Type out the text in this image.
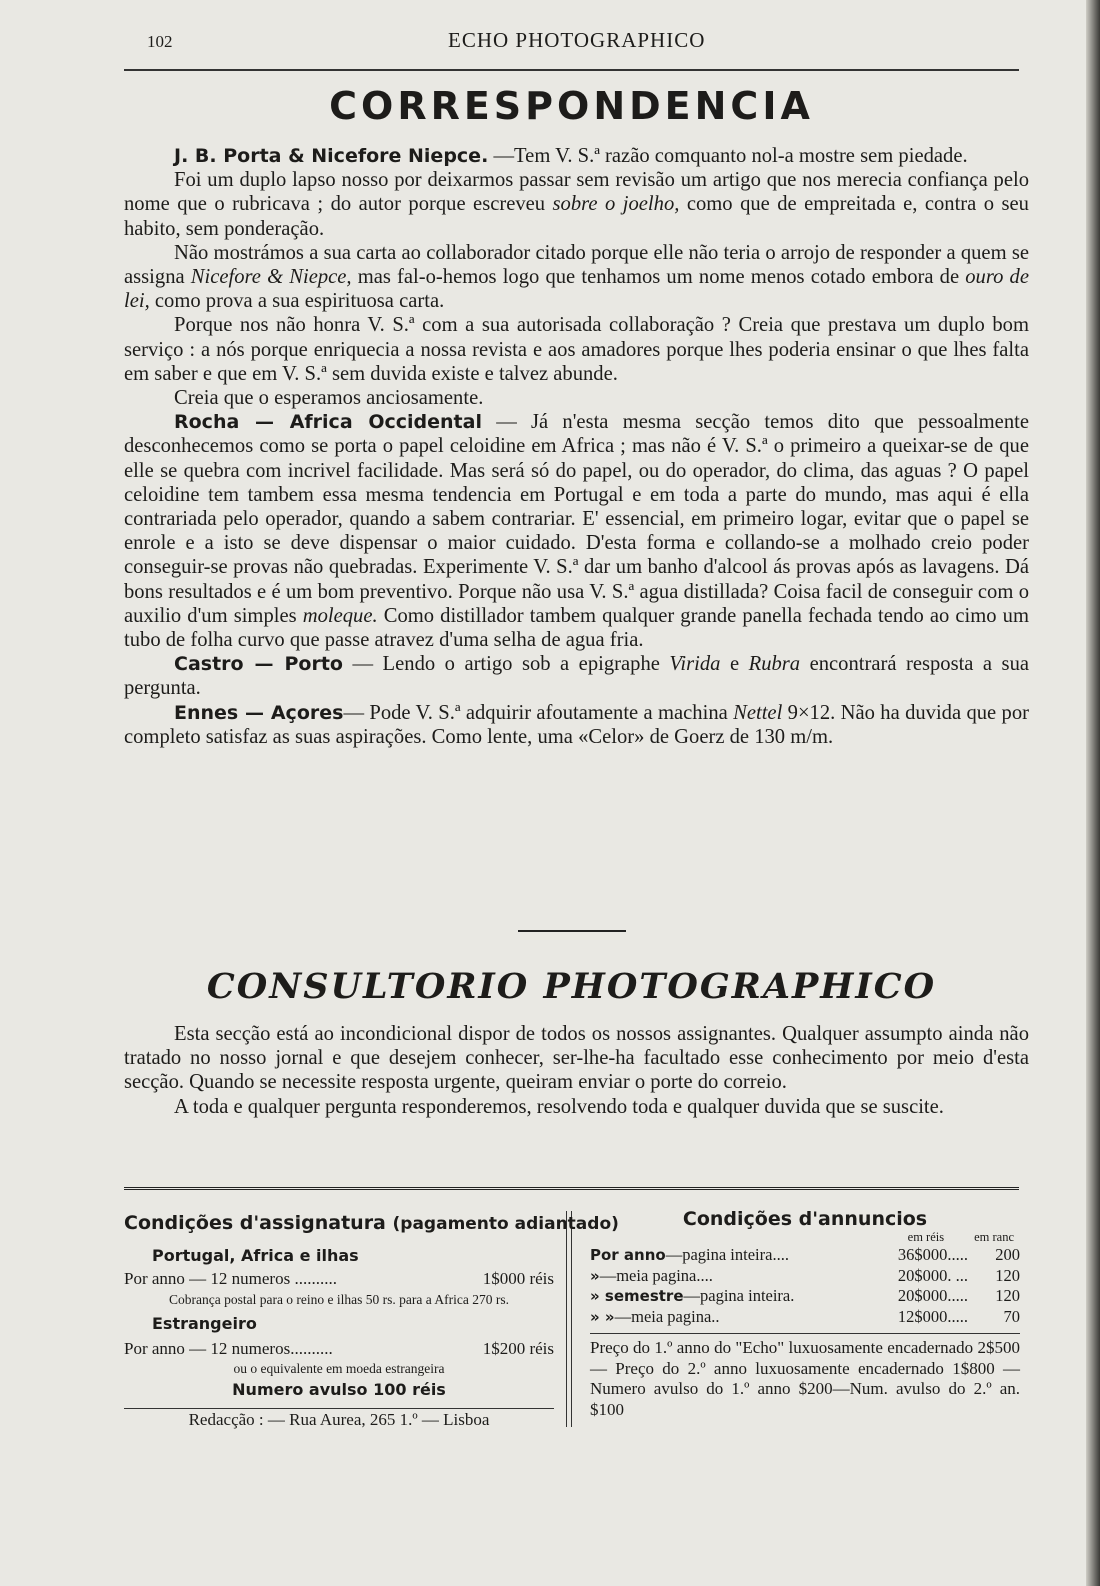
102	ECHO PHOTOGRAPHICO
CORRESPONDENCIA

J. B. Porta & Nicefore Niepce. —Tem V. S.ª razão comquanto nol-a mostre sem piedade.

Foi um duplo lapso nosso por deixarmos passar sem revisão um artigo que nos merecia confiança pelo nome que o rubricava ; do autor porque escreveu sobre o joelho, como que de empreitada e, contra o seu habito, sem ponderação.

Não mostrámos a sua carta ao collaborador citado porque elle não teria o arrojo de responder a quem se assigna Nicefore & Niepce, mas fal-o-hemos logo que tenhamos um nome menos cotado embora de ouro de lei, como prova a sua espirituosa carta.

Porque nos não honra V. S.ª com a sua autorisada collaboração ? Creia que prestava um duplo bom serviço : a nós porque enriquecia a nossa revista e aos amadores porque lhes poderia ensinar o que lhes falta em saber e que em V. S.ª sem duvida existe e talvez abunde.

Creia que o esperamos anciosamente.

Rocha — Africa Occidental — Já n'esta mesma secção temos dito que pessoalmente desconhecemos como se porta o papel celoidine em Africa ; mas não é V. S.ª o primeiro a queixar-se de que elle se quebra com incrivel facilidade. Mas será só do papel, ou do operador, do clima, das aguas ? O papel celoidine tem tambem essa mesma tendencia em Portugal e em toda a parte do mundo, mas aqui é ella contrariada pelo operador, quando a sabem contrariar. E' essencial, em primeiro logar, evitar que o papel se enrole e a isto se deve dispensar o maior cuidado. D'esta forma e collando-se a molhado creio poder conseguir-se provas não quebradas. Experimente V. S.ª dar um banho d'alcool ás provas após as lavagens. Dá bons resultados e é um bom preventivo. Porque não usa V. S.ª agua distillada? Coisa facil de conseguir com o auxilio d'um simples moleque. Como distillador tambem qualquer grande panella fechada tendo ao cimo um tubo de folha curvo que passe atravez d'uma selha de agua fria.

Castro — Porto — Lendo o artigo sob a epigraphe Virida e Rubra encontrará resposta a sua pergunta.

Ennes — Açores— Pode V. S.ª adquirir afoutamente a machina Nettel 9×12. Não ha duvida que por completo satisfaz as suas aspirações. Como lente, uma «Celor» de Goerz de 130 m/m.

CONSULTORIO PHOTOGRAPHICO

Esta secção está ao incondicional dispor de todos os nossos assignantes. Qualquer assumpto ainda não tratado no nosso jornal e que desejem conhecer, ser-lhe-ha facultado esse conhecimento por meio d'esta secção. Quando se necessite resposta urgente, queiram enviar o porte do correio.

A toda e qualquer pergunta responderemos, resolvendo toda e qualquer duvida que se suscite.

Condições d'assignatura (pagamento adiantado)
Portugal, Africa e ilhas
Por anno — 12 numeros ..........	1$000 réis
Cobrança postal para o reino e ilhas 50 rs. para a Africa 270 rs.
Estrangeiro
Por anno — 12 numeros..........	1$200 réis
ou o equivalente em moeda estrangeira
Numero avulso 100 réis
Redacção : — Rua Aurea, 265 1.º — Lisboa
Condições d'annuncios
em réis em ranc
Por anno—pagina inteira....	36$000.....	200
»—meia pagina....	20$000. ...	120
» semestre—pagina inteira.	20$000.....	120
» »—meia pagina..	12$000.....	70
Preço do 1.º anno do "Echo" luxuosamente encadernado 2$500 — Preço do 2.º anno luxuosamente encadernado 1$800 — Numero avulso do 1.º anno $200—Num. avulso do 2.º an. $100
